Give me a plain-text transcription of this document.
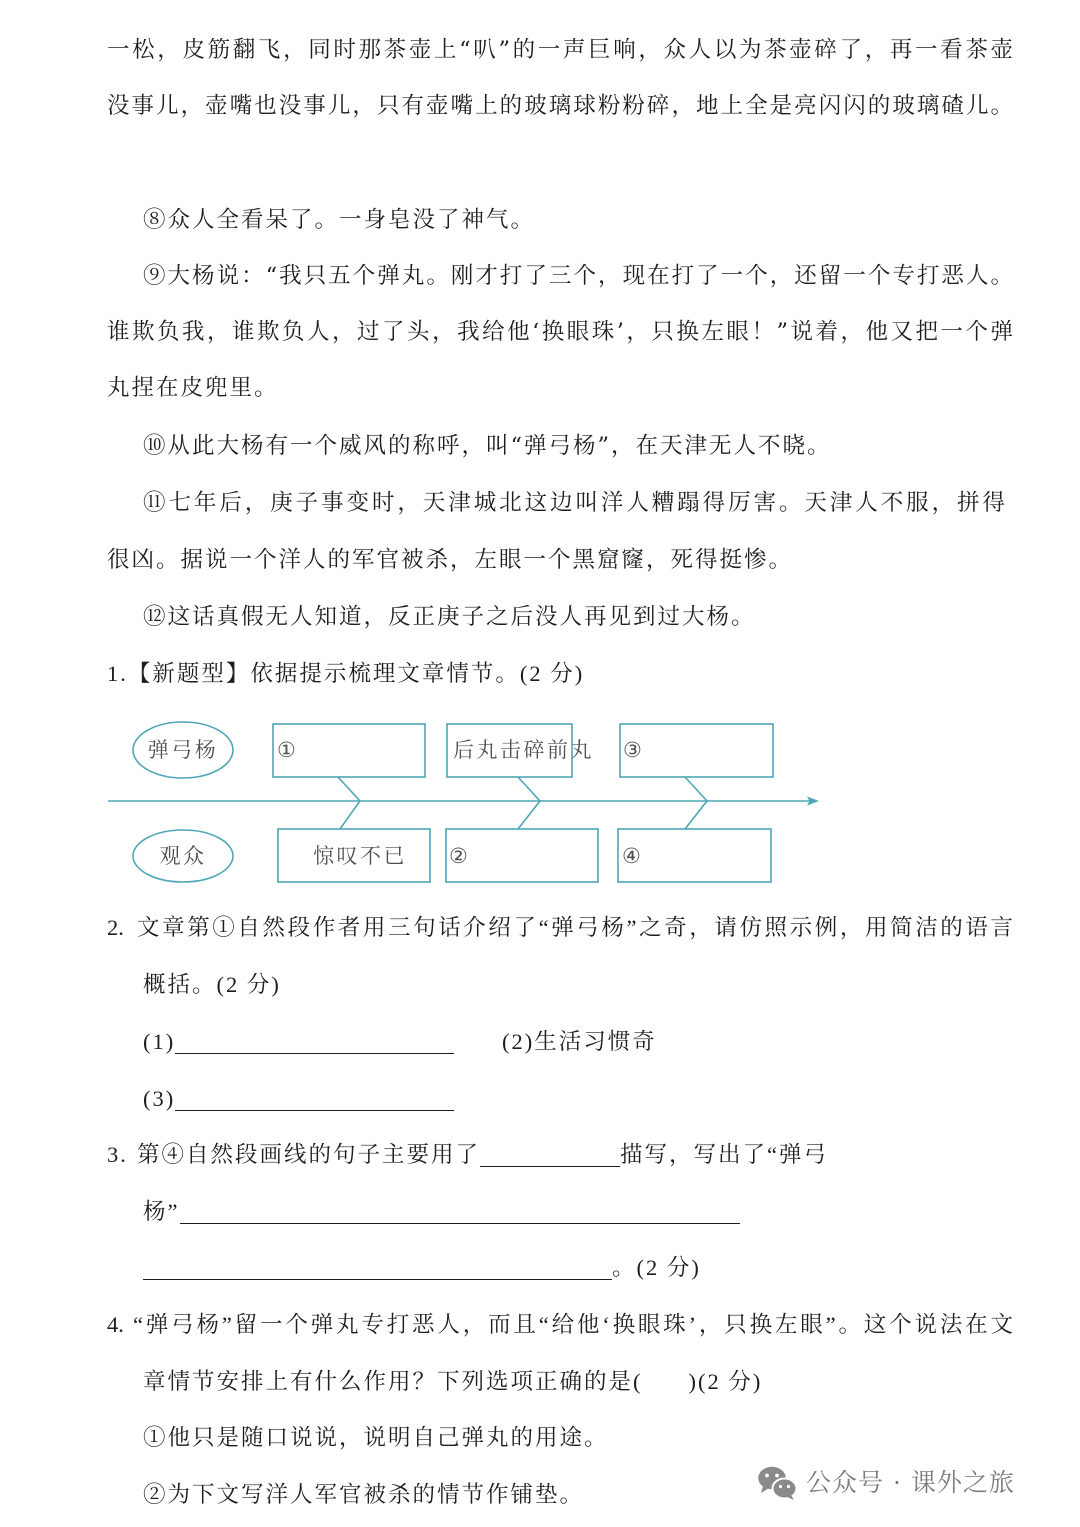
一松，皮筋翻飞，同时那茶壶上“叭”的一声巨响，众人以为茶壶碎了，再一看茶壶
没事儿，壶嘴也没事儿，只有壶嘴上的玻璃球粉粉碎，地上全是亮闪闪的玻璃碴儿。
⑧众人全看呆了。一身皂没了神气。
⑨大杨说：“我只五个弹丸。刚才打了三个，现在打了一个，还留一个专打恶人。
谁欺负我，谁欺负人，过了头，我给他‘换眼珠’，只换左眼！”说着，他又把一个弹
丸捏在皮兜里。
⑩从此大杨有一个威风的称呼，叫“弹弓杨”，在天津无人不晓。
⑪七年后，庚子事变时，天津城北这边叫洋人糟蹋得厉害。天津人不服，拼得
很凶。据说一个洋人的军官被杀，左眼一个黑窟窿，死得挺惨。
⑫这话真假无人知道，反正庚子之后没人再见到过大杨。
1.【新题型】依据提示梳理文章情节。(2 分)
弹弓杨	①	后丸击碎前丸 ③
观众	惊叹不已 ②	④
2. 文章第①自然段作者用三句话介绍了“弹弓杨”之奇，请仿照示例，用简洁的语言
概括。(2 分)
(1)	(2)生活习惯奇
(3)
3. 第④自然段画线的句子主要用了	描写，写出了“弹弓
杨”
。(2 分)
4. “弹弓杨”留一个弹丸专打恶人，而且“给他‘换眼珠’，只换左眼”。这个说法在文
章情节安排上有什么作用？下列选项正确的是( )(2 分)
①他只是随口说说，说明自己弹丸的用途。
②为下文写洋人军官被杀的情节作铺垫。	公众号 · 课外之旅
